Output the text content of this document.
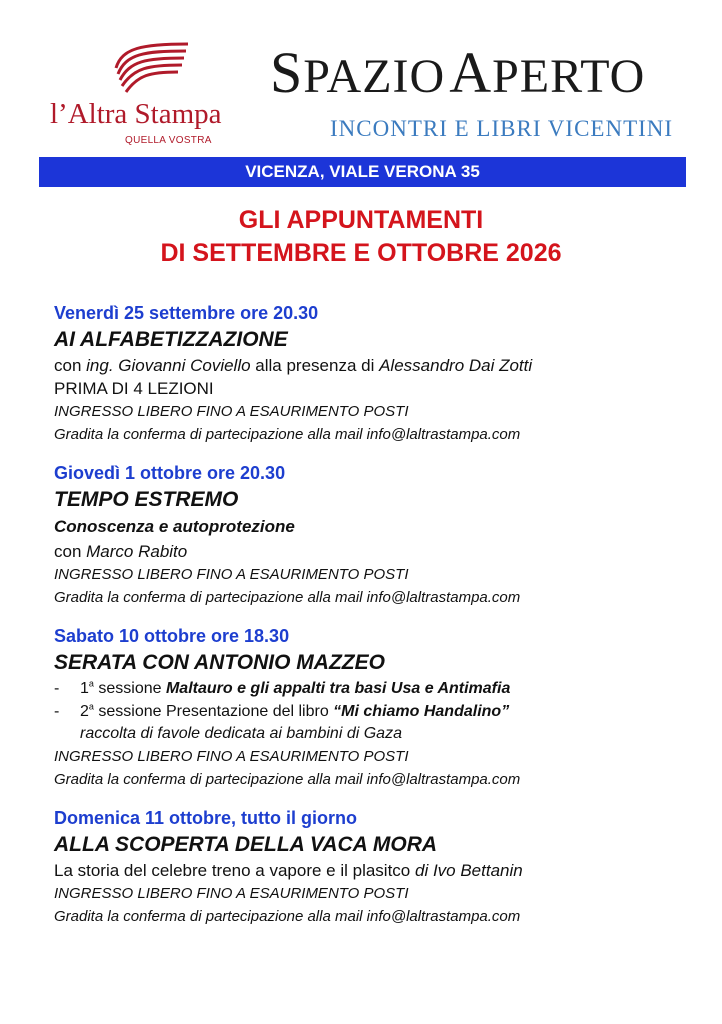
l’Altra Stampa
QUELLA VOSTRA
SPAZIOAPERTO
INCONTRI E LIBRI VICENTINI
VICENZA, VIALE VERONA 35
GLI APPUNTAMENTI
DI SETTEMBRE E OTTOBRE 2026
Venerdì 25 settembre ore 20.30
AI ALFABETIZZAZIONE
con ing. Giovanni Coviello alla presenza di Alessandro Dai Zotti
PRIMA DI 4 LEZIONI
INGRESSO LIBERO FINO A ESAURIMENTO POSTI
Gradita la conferma di partecipazione alla mail info@laltrastampa.com
Giovedì 1 ottobre ore 20.30
TEMPO ESTREMO
Conoscenza e autoprotezione
con Marco Rabito
INGRESSO LIBERO FINO A ESAURIMENTO POSTI
Gradita la conferma di partecipazione alla mail info@laltrastampa.com
Sabato 10 ottobre ore 18.30
SERATA CON ANTONIO MAZZEO
- 1$^a$ sessione Maltauro e gli appalti tra basi Usa e Antimafia
- 2$^a$ sessione Presentazione del libro “Mi chiamo Handalino”
raccolta di favole dedicata ai bambini di Gaza
INGRESSO LIBERO FINO A ESAURIMENTO POSTI
Gradita la conferma di partecipazione alla mail info@laltrastampa.com
Domenica 11 ottobre, tutto il giorno
ALLA SCOPERTA DELLA VACA MORA
La storia del celebre treno a vapore e il plasitco di Ivo Bettanin
INGRESSO LIBERO FINO A ESAURIMENTO POSTI
Gradita la conferma di partecipazione alla mail info@laltrastampa.com
